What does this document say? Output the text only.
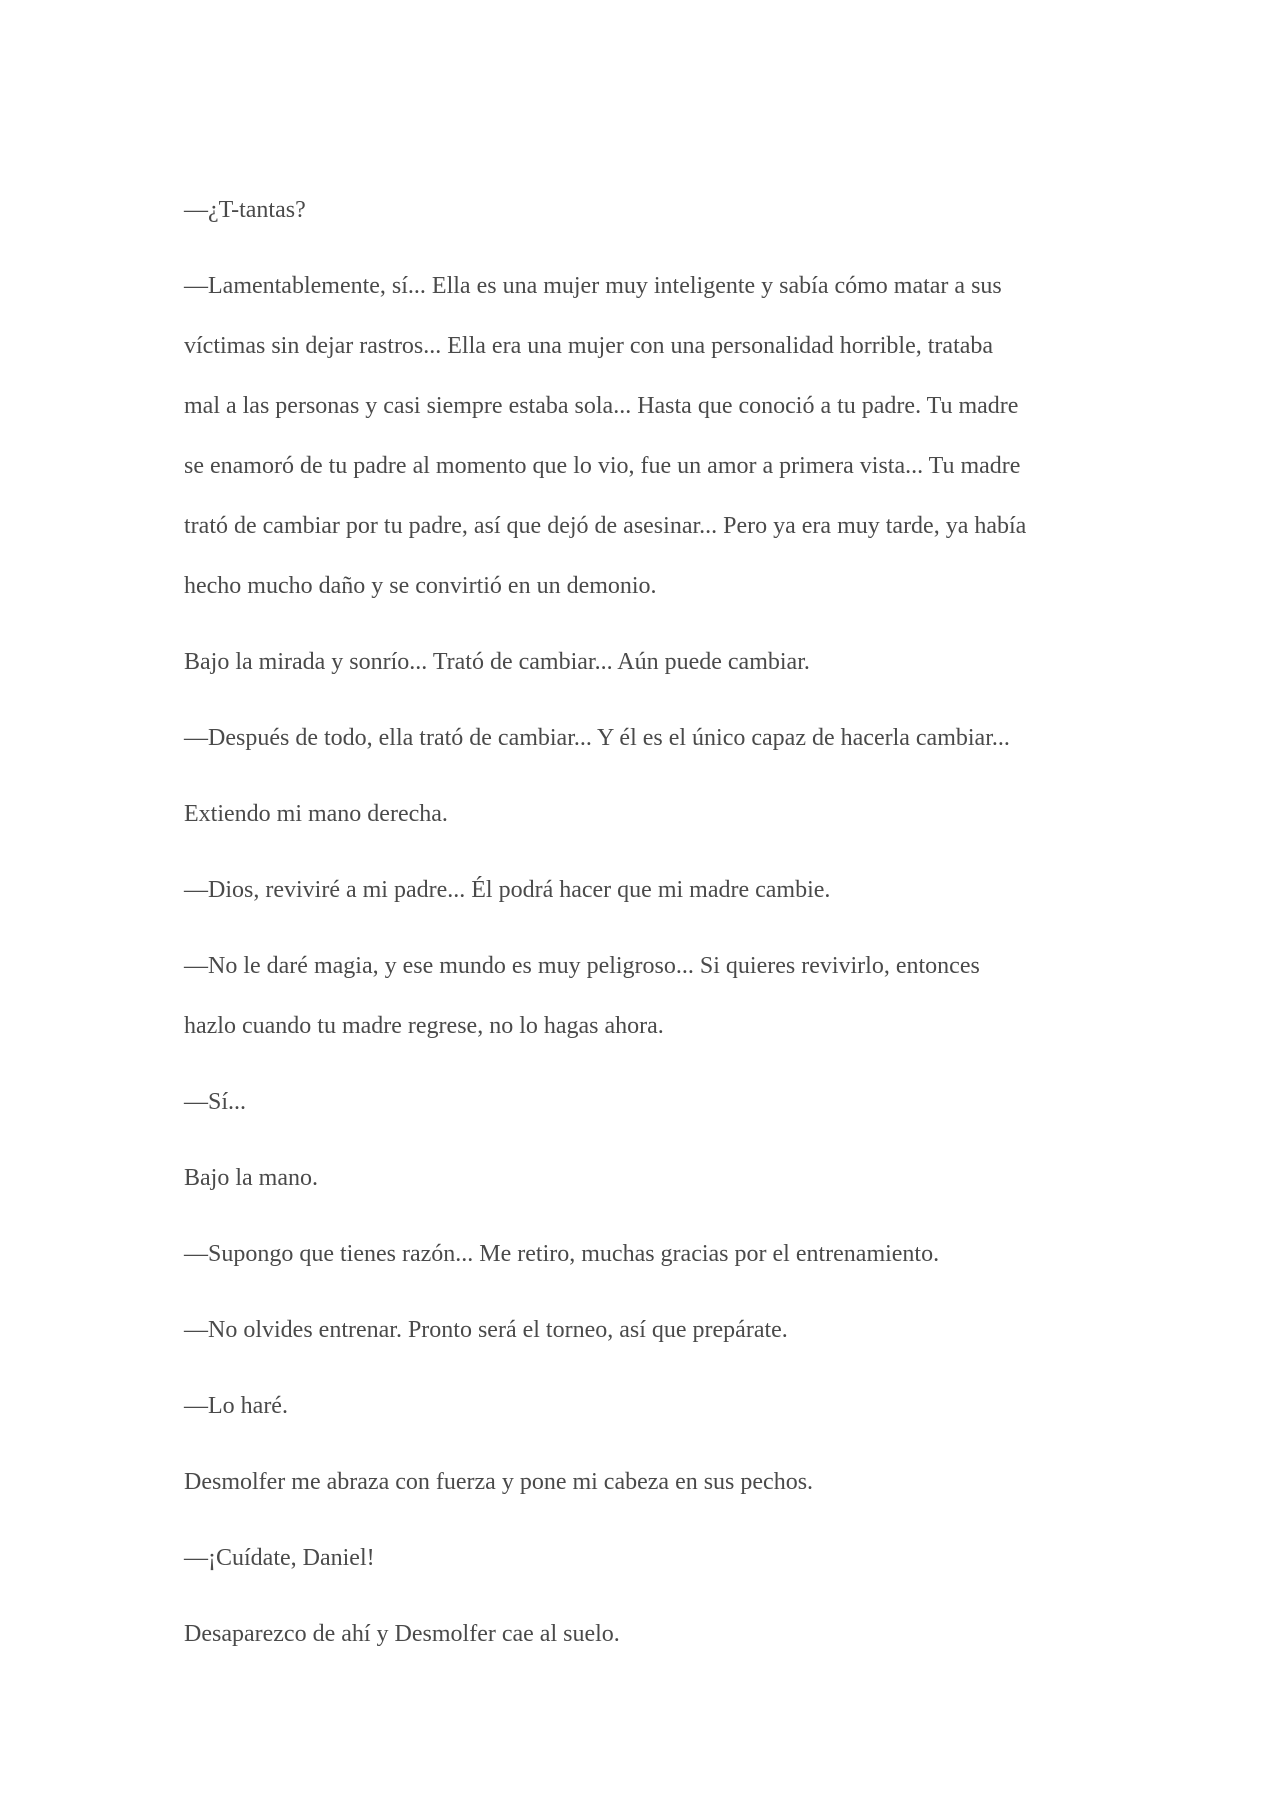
—¿T-tantas?

—Lamentablemente, sí... Ella es una mujer muy inteligente y sabía cómo matar a sus
víctimas sin dejar rastros... Ella era una mujer con una personalidad horrible, trataba
mal a las personas y casi siempre estaba sola... Hasta que conoció a tu padre. Tu madre
se enamoró de tu padre al momento que lo vio, fue un amor a primera vista... Tu madre
trató de cambiar por tu padre, así que dejó de asesinar... Pero ya era muy tarde, ya había
hecho mucho daño y se convirtió en un demonio.

Bajo la mirada y sonrío... Trató de cambiar... Aún puede cambiar.

—Después de todo, ella trató de cambiar... Y él es el único capaz de hacerla cambiar...

Extiendo mi mano derecha.

—Dios, reviviré a mi padre... Él podrá hacer que mi madre cambie.

—No le daré magia, y ese mundo es muy peligroso... Si quieres revivirlo, entonces
hazlo cuando tu madre regrese, no lo hagas ahora.

—Sí...

Bajo la mano.

—Supongo que tienes razón... Me retiro, muchas gracias por el entrenamiento.

—No olvides entrenar. Pronto será el torneo, así que prepárate.

—Lo haré.

Desmolfer me abraza con fuerza y pone mi cabeza en sus pechos.

—¡Cuídate, Daniel!

Desaparezco de ahí y Desmolfer cae al suelo.
